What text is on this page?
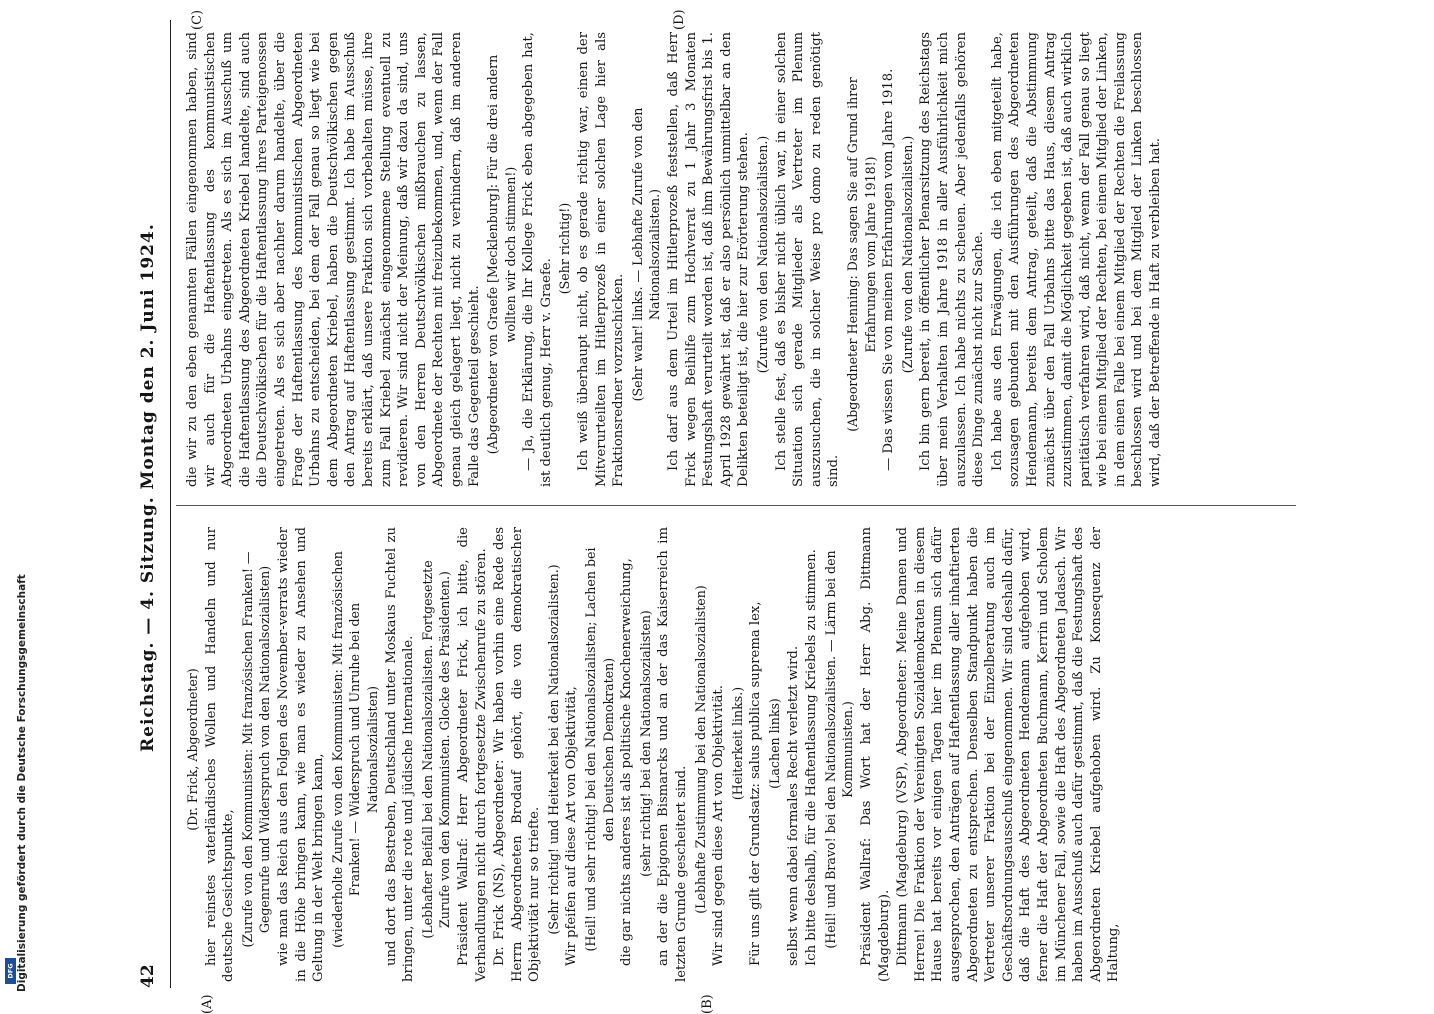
42
Reichstag. — 4. Sitzung. Montag den 2. Juni 1924.
(A)	(B)
(C)	(D)

(Dr. Frick, Abgeordneter) hier reinstes vaterländisches Wollen und Handeln und nur deutsche Gesichtspunkte, (Zurufe von den Kommunisten: Mit französischen Franken! — Gegenrufe und Widerspruch von den Nationalsozialisten) wie man das Reich aus den Folgen des November-verrats wieder in die Höhe bringen kann, wie man es wieder zu Ansehen und Geltung in der Welt bringen kann, (wiederholte Zurufe von den Kommunisten: Mit französischen Franken! — Widerspruch und Unruhe bei den Nationalsozialisten) und dort das Bestreben, Deutschland unter Moskaus Fuchtel zu bringen, unter die rote und jüdische Internationale. (Lebhafter Beifall bei den Nationalsozialisten. Fortgesetzte Zurufe von den Kommunisten. Glocke des Präsidenten.) Präsident Wallraf: Herr Abgeordneter Frick, ich bitte, die Verhandlungen nicht durch fortgesetzte Zwischenrufe zu stören. Dr. Frick (NS), Abgeordneter: Wir haben vorhin eine Rede des Herrn Abgeordneten Brodauf gehört, die von demokratischer Objektivität nur so triefte. (Sehr richtig! und Heiterkeit bei den Nationalsozialisten.) Wir pfeifen auf diese Art von Objektivität, (Heil! und sehr richtig! bei den Nationalsozialisten; Lachen bei den Deutschen Demokraten) die gar nichts anderes ist als politische Knochenerweichung, (sehr richtig! bei den Nationalsozialisten) an der die Epigonen Bismarcks und an der das Kaiserreich im letzten Grunde gescheitert sind. (Lebhafte Zustimmung bei den Nationalsozialisten) Wir sind gegen diese Art von Objektivität. (Heiterkeit links.) Für uns gilt der Grundsatz: salus publica suprema lex, (Lachen links) selbst wenn dabei formales Recht verletzt wird. Ich bitte deshalb, für die Haftentlassung Kriebels zu stimmen. (Heil! und Bravo! bei den Nationalsozialisten. — Lärm bei den Kommunisten.) Präsident Wallraf: Das Wort hat der Herr Abg. Dittmann (Magdeburg). Dittmann (Magdeburg) (VSP), Abgeordneter: Meine Damen und Herren! Die Fraktion der Vereinigten Sozialdemokraten in diesem Hause hat bereits vor einigen Tagen hier im Plenum sich dafür ausgesprochen, den Anträgen auf Haftentlassung aller inhaftierten Abgeordneten zu entsprechen. Denselben Standpunkt haben die Vertreter unserer Fraktion bei der Einzelberatung auch im Geschäftsordnungsausschuß eingenommen. Wir sind deshalb dafür, daß die Haft des Abgeordneten Hendemann aufgehoben wird, ferner die Haft der Abgeordneten Buchmann, Kerrin und Scholem im Münchener Fall, sowie die Haft des Abgeordneten Jadasch. Wir haben im Ausschuß auch dafür gestimmt, daß die Festungshaft des Abgeordneten Kriebel aufgehoben wird. Zu Konsequenz der Haltung,

die wir zu den eben genannten Fällen eingenommen haben, sind wir auch für die Haftentlassung des kommunistischen Abgeordneten Urbahns eingetreten. Als es sich im Ausschuß um die Haftentlassung des Abgeordneten Kriebel handelte, sind auch die Deutschvölkischen für die Haftentlassung ihres Parteigenossen eingetreten. Als es sich aber nachher darum handelte, über die Frage der Haftentlassung des kommunistischen Abgeordneten Urbahns zu entscheiden, bei dem der Fall genau so liegt wie bei dem Abgeordneten Kriebel, haben die Deutschvölkischen gegen den Antrag auf Haftentlassung gestimmt. Ich habe im Ausschuß bereits erklärt, daß unsere Fraktion sich vorbehalten müsse, ihre zum Fall Kriebel zunächst eingenommene Stellung eventuell zu revidieren. Wir sind nicht der Meinung, daß wir dazu da sind, uns von den Herren Deutschvölkischen mißbrauchen zu lassen, Abgeordnete der Rechten mit freizubekommen, und, wenn der Fall genau gleich gelagert liegt, nicht zu verhindern, daß im anderen Falle das Gegenteil geschieht. (Abgeordneter von Graefe [Mecklenburg]: Für die drei andern wollten wir doch stimmen!) — Ja, die Erklärung, die Ihr Kollege Frick eben abgegeben hat, ist deutlich genug, Herr v. Graefe.

(Sehr richtig!) Ich weiß überhaupt nicht, ob es gerade richtig war, einen der Mitverurteilten im Hitlerprozeß in einer solchen Lage hier als Fraktionsredner vorzuschicken. (Sehr wahr! links. — Lebhafte Zurufe von den Nationalsozialisten.) Ich darf aus dem Urteil im Hitlerprozeß feststellen, daß Herr Frick wegen Beihilfe zum Hochverrat zu 1 Jahr 3 Monaten Festungshaft verurteilt worden ist, daß ihm Bewährungsfrist bis 1. April 1928 gewährt ist, daß er also persönlich unmittelbar an den Delikten beteiligt ist, die hier zur Erörterung stehen. (Zurufe von den Nationalsozialisten.) Ich stelle fest, daß es bisher nicht üblich war, in einer solchen Situation sich gerade Mitglieder als Vertreter im Plenum auszusuchen, die in solcher Weise pro domo zu reden genötigt sind.

(Abgeordneter Henning: Das sagen Sie auf Grund ihrer Erfahrungen vom Jahre 1918!) — Das wissen Sie von meinen Erfahrungen vom Jahre 1918. (Zurufe von den Nationalsozialisten.) Ich bin gern bereit, in öffentlicher Plenarsitzung des Reichstags über mein Verhalten im Jahre 1918 in aller Ausführlichkeit mich auszulassen. Ich habe nichts zu scheuen. Aber jedenfalls gehören diese Dinge zunächst nicht zur Sache. Ich habe aus den Erwägungen, die ich eben mitgeteilt habe, sozusagen gebunden mit den Ausführungen des Abgeordneten Hendemann, bereits dem Antrag, geteilt, daß die Abstimmung zunächst über den Fall Urbahns bitte das Haus, diesem Antrag zuzustimmen, damit die Möglichkeit gegeben ist, daß auch wirklich paritätisch verfahren wird, daß nicht, wenn der Fall genau so liegt wie bei einem Mitglied der Rechten, bei einem Mitglied der Linken, in dem einen Falle bei einem Mitglied der Rechten die Freilassung beschlossen wird und bei dem Mitglied der Linken beschlossen wird, daß der Betreffende in Haft zu verbleiben hat.

Digitalisierung gefördert durch die Deutsche Forschungsgemeinschaft
DFG
